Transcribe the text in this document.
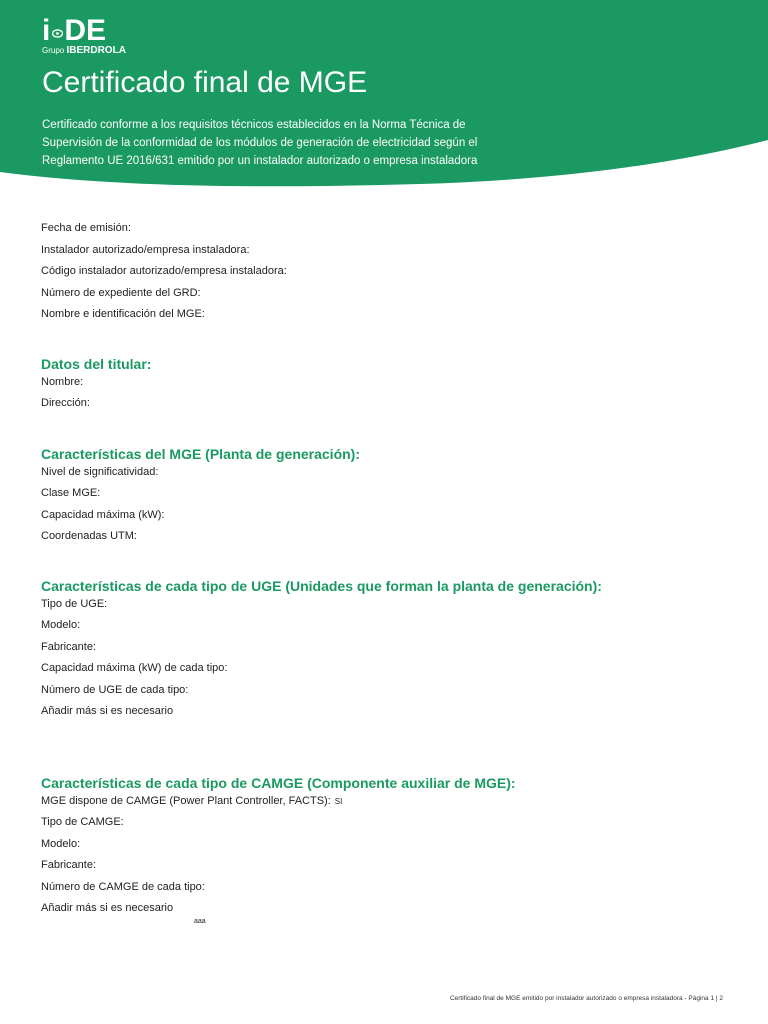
i DE
Grupo IBERDROLA
Certificado final de MGE

Certificado conforme a los requisitos técnicos establecidos en la Norma Técnica de Supervisión de la conformidad de los módulos de generación de electricidad según el Reglamento UE 2016/631 emitido por un instalador autorizado o empresa instaladora

Fecha de emisión:
Instalador autorizado/empresa instaladora:
Código instalador autorizado/empresa instaladora:
Número de expediente del GRD:
Nombre e identificación del MGE:
Datos del titular:
Nombre:
Dirección:
Características del MGE (Planta de generación):
Nivel de significatividad:
Clase MGE:
Capacidad máxima (kW):
Coordenadas UTM:
Características de cada tipo de UGE (Unidades que forman la planta de generación):
Tipo de UGE:
Modelo:
Fabricante:
Capacidad máxima (kW) de cada tipo:
Número de UGE de cada tipo:
Añadir más si es necesario
Características de cada tipo de CAMGE (Componente auxiliar de MGE):
MGE dispone de CAMGE (Power Plant Controller, FACTS): SI
Tipo de CAMGE:
Modelo:
Fabricante:
Número de CAMGE de cada tipo:
Añadir más si es necesario
aaa
Certificado final de MGE emitido por instalador autorizado o empresa instaladora - Página 1 | 2
